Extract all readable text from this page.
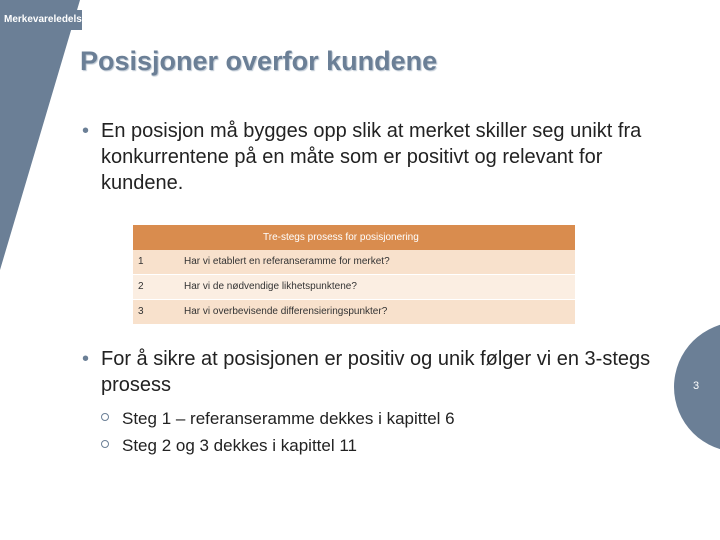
Merkevareledelse
Posisjoner overfor kundene
• En posisjon må bygges opp slik at merket skiller seg unikt fra konkurrentene på en måte som er positivt og relevant for kundene.
Tre-stegs prosess for posisjonering
1	Har vi etablert en referanseramme for merket?
2	Har vi de nødvendige likhetspunktene?
3	Har vi overbevisende differensieringspunkter?
• For å sikre at posisjonen er positiv og unik følger vi en 3-stegs prosess
Steg 1 – referanseramme dekkes i kapittel 6
Steg 2 og 3 dekkes i kapittel 11
3
